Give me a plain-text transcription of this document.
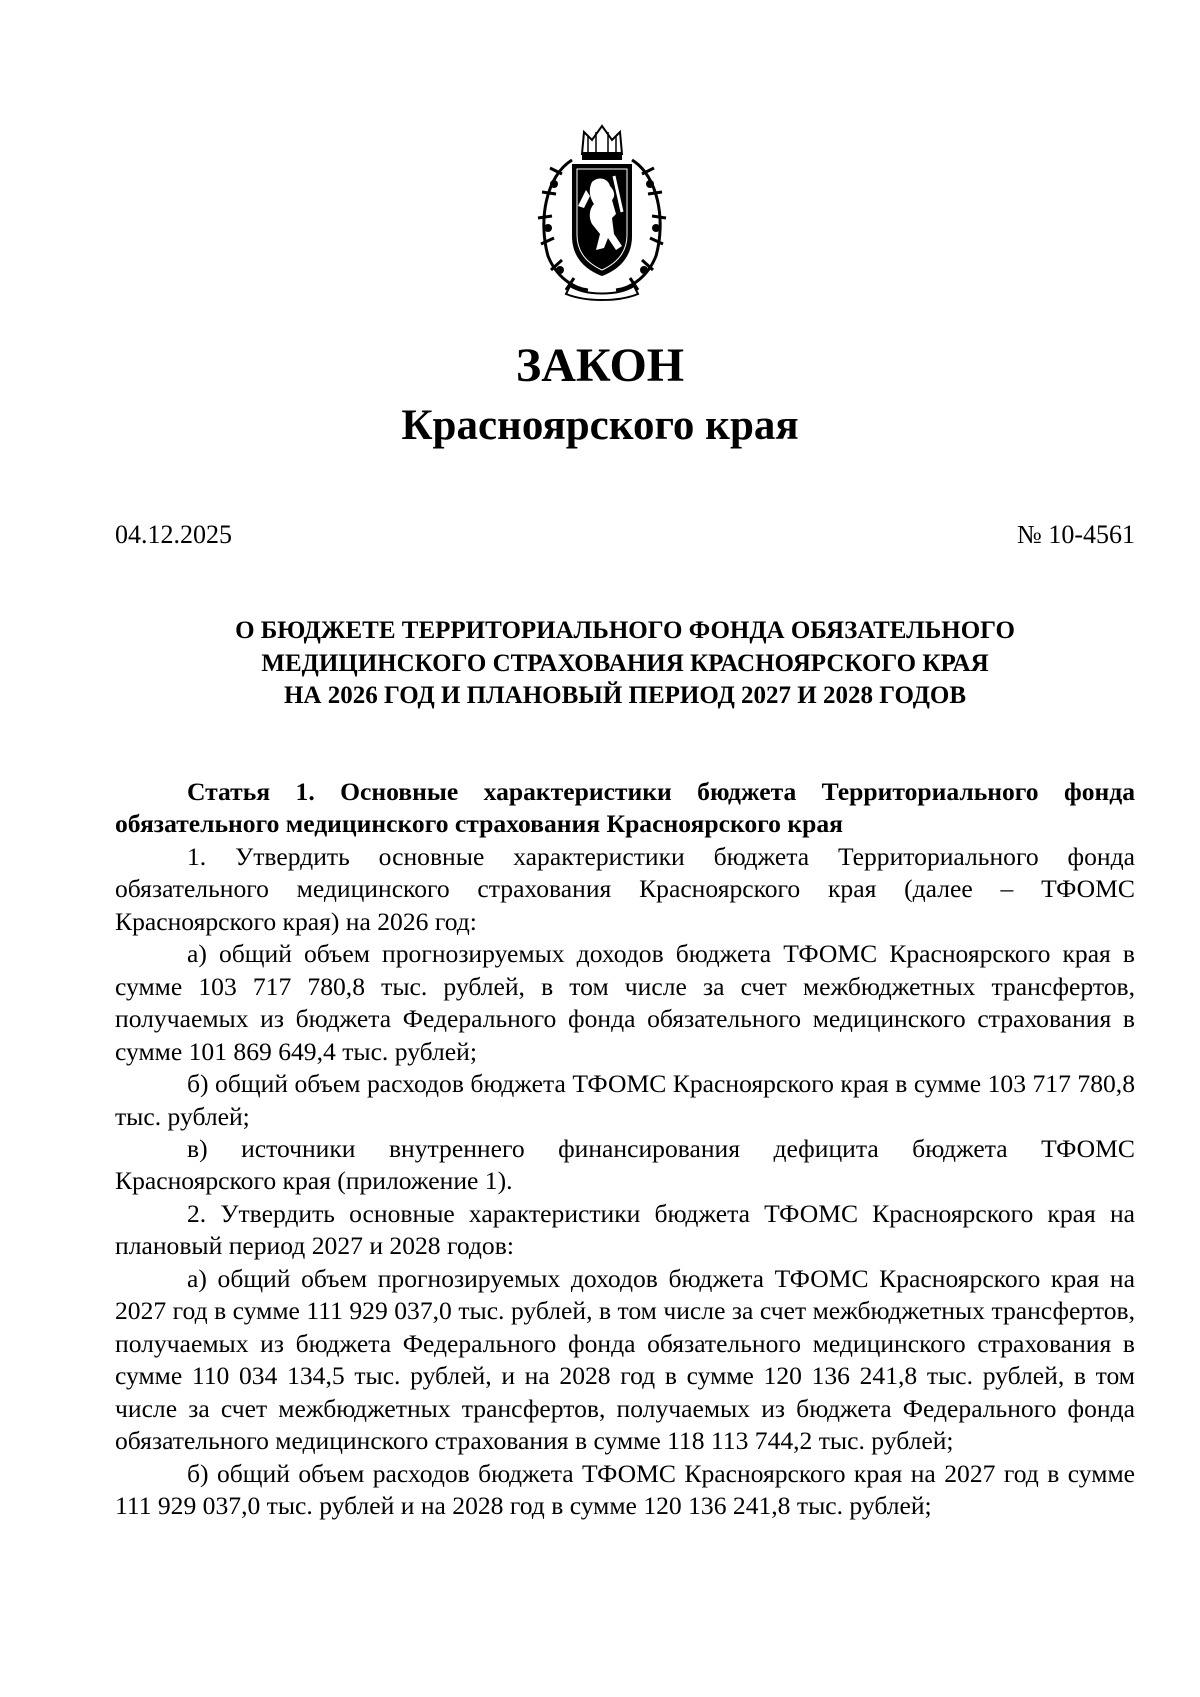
ЗАКОН
Красноярского края
04.12.2025	№ 10-4561
О БЮДЖЕТЕ ТЕРРИТОРИАЛЬНОГО ФОНДА ОБЯЗАТЕЛЬНОГО
МЕДИЦИНСКОГО СТРАХОВАНИЯ КРАСНОЯРСКОГО КРАЯ
НА 2026 ГОД И ПЛАНОВЫЙ ПЕРИОД 2027 И 2028 ГОДОВ

Статья 1. Основные характеристики бюджета Территориального фонда обязательного медицинского страхования Красноярского края

1. Утвердить основные характеристики бюджета Территориального фонда обязательного медицинского страхования Красноярского края (далее – ТФОМС Красноярского края) на 2026 год:

а) общий объем прогнозируемых доходов бюджета ТФОМС Красноярского края в сумме 103 717 780,8 тыс. рублей, в том числе за счет межбюджетных трансфертов, получаемых из бюджета Федерального фонда обязательного медицинского страхования в сумме 101 869 649,4 тыс. рублей;

б) общий объем расходов бюджета ТФОМС Красноярского края в сумме 103 717 780,8 тыс. рублей;

в) источники внутреннего финансирования дефицита бюджета ТФОМС Красноярского края (приложение 1).

2. Утвердить основные характеристики бюджета ТФОМС Красноярского края на плановый период 2027 и 2028 годов:

а) общий объем прогнозируемых доходов бюджета ТФОМС Красноярского края на 2027 год в сумме 111 929 037,0 тыс. рублей, в том числе за счет межбюджетных трансфертов, получаемых из бюджета Федерального фонда обязательного медицинского страхования в сумме 110 034 134,5 тыс. рублей, и на 2028 год в сумме 120 136 241,8 тыс. рублей, в том числе за счет межбюджетных трансфертов, получаемых из бюджета Федерального фонда обязательного медицинского страхования в сумме 118 113 744,2 тыс. рублей;

б) общий объем расходов бюджета ТФОМС Красноярского края на 2027 год в сумме 111 929 037,0 тыс. рублей и на 2028 год в сумме 120 136 241,8 тыс. рублей;
